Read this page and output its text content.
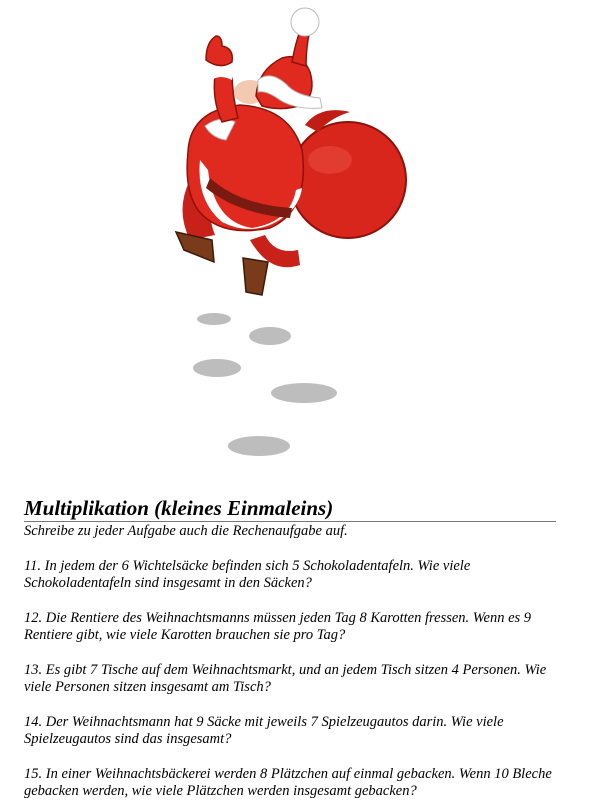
Multiplikation (kleines Einmaleins)

Schreibe zu jeder Aufgabe auch die Rechenaufgabe auf.

11. In jedem der 6 Wichtelsäcke befinden sich 5 Schokoladentafeln. Wie viele Schokoladentafeln sind insgesamt in den Säcken?

12. Die Rentiere des Weihnachtsmanns müssen jeden Tag 8 Karotten fressen. Wenn es 9 Rentiere gibt, wie viele Karotten brauchen sie pro Tag?

13. Es gibt 7 Tische auf dem Weihnachtsmarkt, und an jedem Tisch sitzen 4 Personen. Wie viele Personen sitzen insgesamt am Tisch?

14. Der Weihnachtsmann hat 9 Säcke mit jeweils 7 Spielzeugautos darin. Wie viele Spielzeugautos sind das insgesamt?

15. In einer Weihnachtsbäckerei werden 8 Plätzchen auf einmal gebacken. Wenn 10 Bleche gebacken werden, wie viele Plätzchen werden insgesamt gebacken?
